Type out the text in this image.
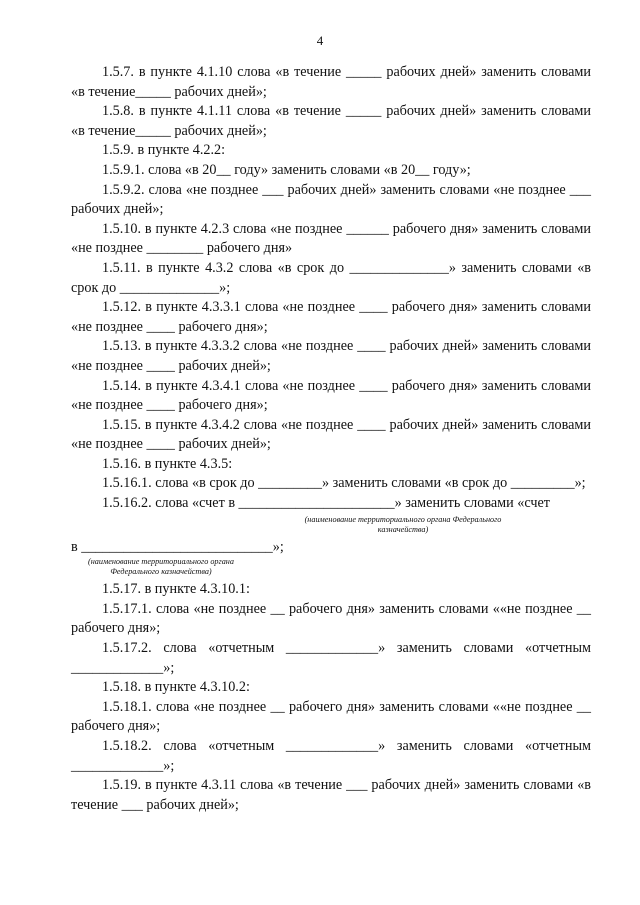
4

1.5.7. в пункте 4.1.10 слова «в течение _____ рабочих дней» заменить словами «в течение_____ рабочих дней»;

1.5.8. в пункте 4.1.11 слова «в течение _____ рабочих дней» заменить словами «в течение_____ рабочих дней»;

1.5.9. в пункте 4.2.2:

1.5.9.1. слова «в 20__ году» заменить словами «в 20__ году»;

1.5.9.2. слова «не позднее ___ рабочих дней» заменить словами «не позднее ___ рабочих дней»;

1.5.10. в пункте 4.2.3 слова «не позднее ______ рабочего дня» заменить словами «не позднее ________ рабочего дня»

1.5.11. в пункте 4.3.2 слова «в срок до ______________» заменить словами «в срок до ______________»;

1.5.12. в пункте 4.3.3.1 слова «не позднее ____ рабочего дня» заменить словами «не позднее ____ рабочего дня»;

1.5.13. в пункте 4.3.3.2 слова «не позднее ____ рабочих дней» заменить словами «не позднее ____ рабочих дней»;

1.5.14. в пункте 4.3.4.1 слова «не позднее ____ рабочего дня» заменить словами «не позднее ____ рабочего дня»;

1.5.15. в пункте 4.3.4.2 слова «не позднее ____ рабочих дней» заменить словами «не позднее ____ рабочих дней»;

1.5.16. в пункте 4.3.5:

1.5.16.1. слова «в срок до _________» заменить словами «в срок до _________»;

1.5.16.2. слова «счет в ______________________» заменить словами «счет

(наименование территориального органа Федерального казначейства)

в ___________________________»;

(наименование территориального органа Федерального казначейства)

1.5.17. в пункте 4.3.10.1:

1.5.17.1. слова «не позднее __ рабочего дня» заменить словами ««не позднее __ рабочего дня»;

1.5.17.2. слова «отчетным _____________» заменить словами «отчетным _____________»;

1.5.18. в пункте 4.3.10.2:

1.5.18.1. слова «не позднее __ рабочего дня» заменить словами ««не позднее __ рабочего дня»;

1.5.18.2. слова «отчетным _____________» заменить словами «отчетным _____________»;

1.5.19. в пункте 4.3.11 слова «в течение ___ рабочих дней» заменить словами «в течение ___ рабочих дней»;
